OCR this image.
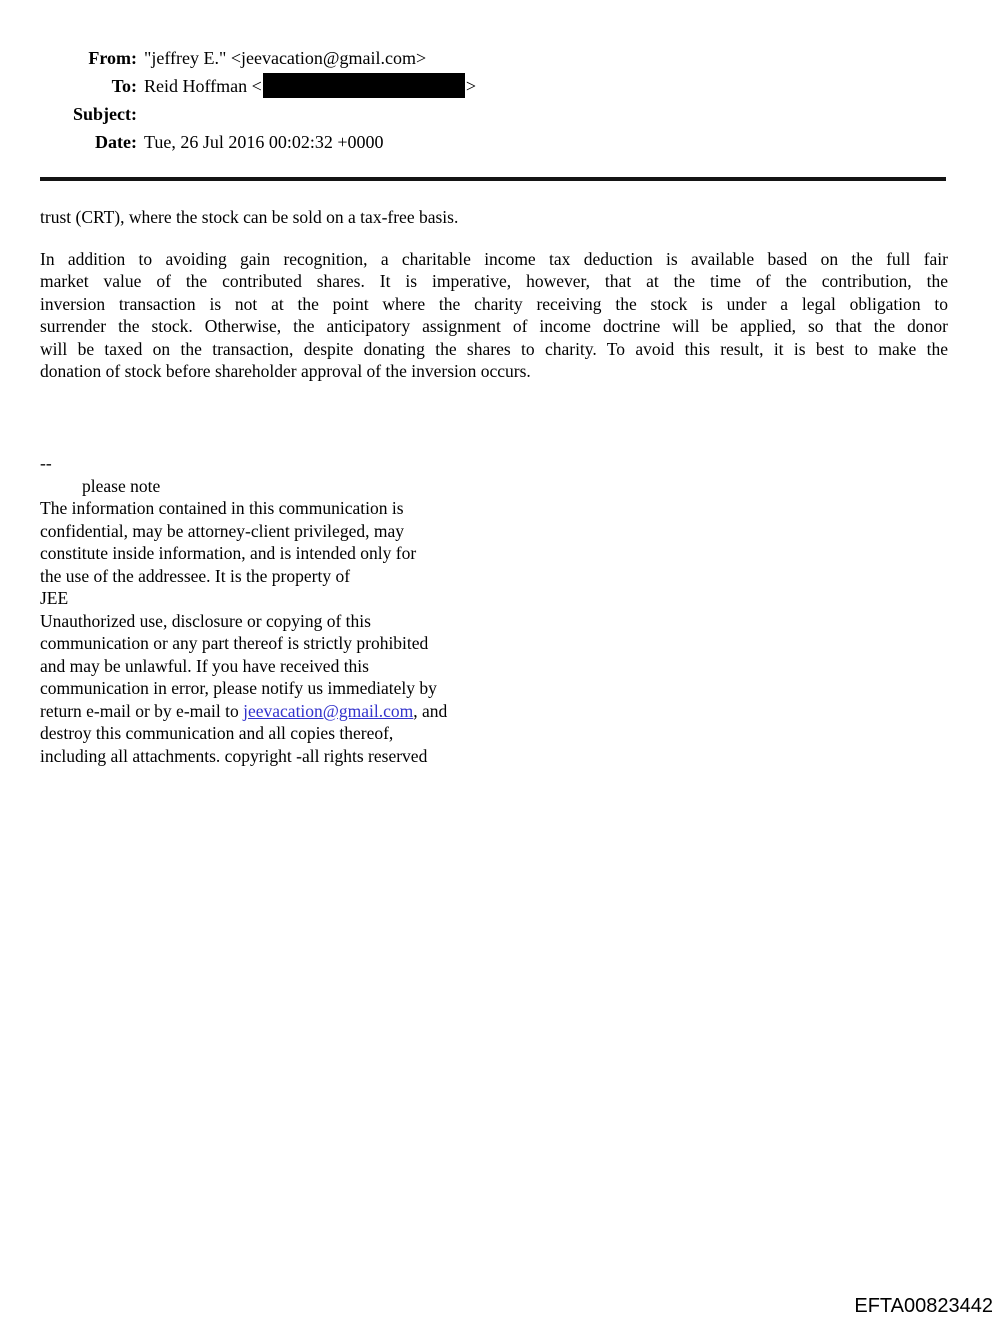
From: "jeffrey E." <jeevacation@gmail.com>
To: Reid Hoffman <	>
Subject:
Date: Tue, 26 Jul 2016 00:02:32 +0000
trust (CRT), where the stock can be sold on a tax-free basis.
In addition to avoiding gain recognition, a charitable income tax deduction is available based on the full fair
market value of the contributed shares. It is imperative, however, that at the time of the contribution, the
inversion transaction is not at the point where the charity receiving the stock is under a legal obligation to
surrender the stock. Otherwise, the anticipatory assignment of income doctrine will be applied, so that the donor
will be taxed on the transaction, despite donating the shares to charity. To avoid this result, it is best to make the
donation of stock before shareholder approval of the inversion occurs.
--
please note
The information contained in this communication is
confidential, may be attorney-client privileged, may
constitute inside information, and is intended only for
the use of the addressee. It is the property of
JEE
Unauthorized use, disclosure or copying of this
communication or any part thereof is strictly prohibited
and may be unlawful. If you have received this
communication in error, please notify us immediately by
return e-mail or by e-mail to jeevacation@gmail.com, and
destroy this communication and all copies thereof,
including all attachments. copyright -all rights reserved
EFTA00823442
